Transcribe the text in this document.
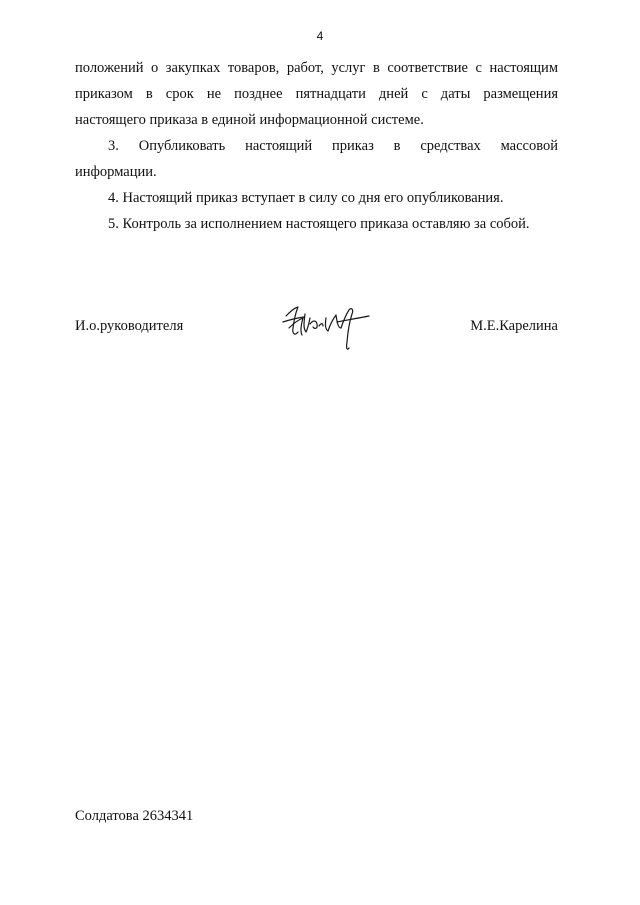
4
положений о закупках товаров, работ, услуг в соответствие с настоящим
приказом в срок не позднее пятнадцати дней с даты размещения
настоящего приказа в единой информационной системе.
3. Опубликовать настоящий приказ в средствах массовой
информации.
4. Настоящий приказ вступает в силу со дня его опубликования.
5. Контроль за исполнением настоящего приказа оставляю за собой.
И.о.руководителя	М.Е.Карелина
Солдатова 2634341
